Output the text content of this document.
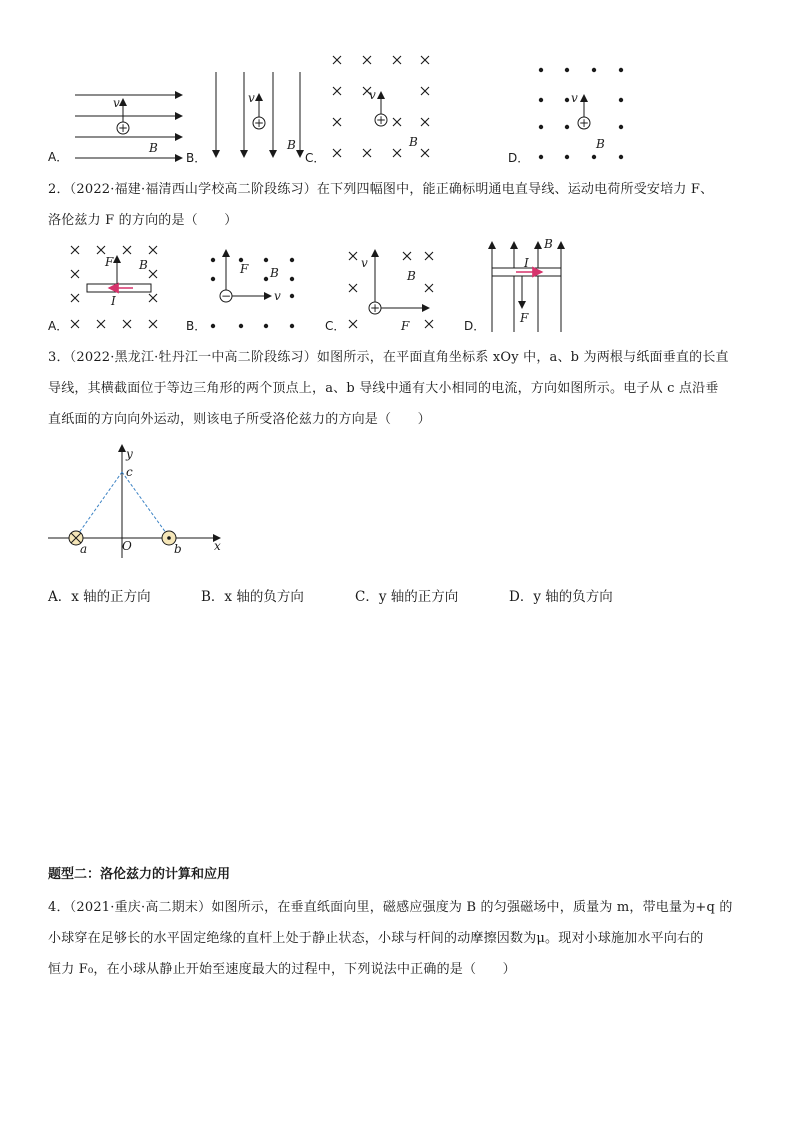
+
v
B
A．
+
v
B
B．
+
v
B
C．
+
v
B
D．
2．（2022·福建·福清西山学校高二阶段练习）在下列四幅图中，能正确标明通电直导线、运动电荷所受安培力 F、
洛伦兹力 F 的方向的是（　　）
F B
I
A．
−
F B
v
B．
+
v
B
F
C．
B
I
F
D．
3．（2022·黑龙江·牡丹江一中高二阶段练习）如图所示，在平面直角坐标系 xOy 中，a、b 为两根与纸面垂直的长直
导线，其横截面位于等边三角形的两个顶点上，a、b 导线中通有大小相同的电流，方向如图所示。电子从 c 点沿垂
直纸面的方向向外运动，则该电子所受洛伦兹力的方向是（　　）
y
x
O
c
a	b
A．x 轴的正方向	B．x 轴的负方向	C．y 轴的正方向	D．y 轴的负方向
题型二：洛伦兹力的计算和应用
4．（2021·重庆·高二期末）如图所示，在垂直纸面向里，磁感应强度为 B 的匀强磁场中，质量为 m，带电量为+q 的
小球穿在足够长的水平固定绝缘的直杆上处于静止状态，小球与杆间的动摩擦因数为μ。现对小球施加水平向右的
恒力 F₀，在小球从静止开始至速度最大的过程中，下列说法中正确的是（　　）
